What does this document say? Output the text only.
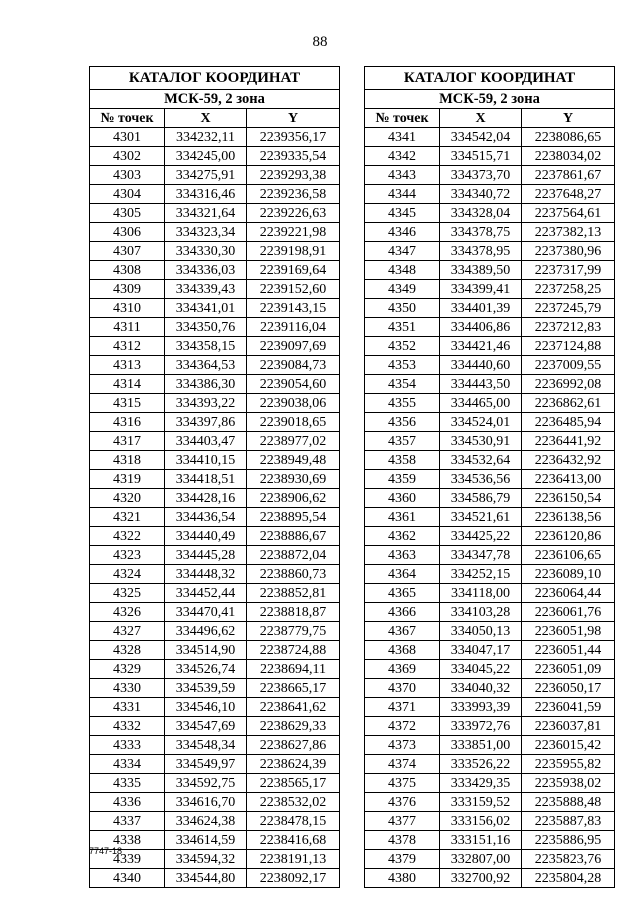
88
КАТАЛОГ КООРДИНАТ		
МСК-59, 2 зона		
№ точек	X	Y
4301	334232,11	2239356,17
4302	334245,00	2239335,54
4303	334275,91	2239293,38
4304	334316,46	2239236,58
4305	334321,64	2239226,63
4306	334323,34	2239221,98
4307	334330,30	2239198,91
4308	334336,03	2239169,64
4309	334339,43	2239152,60
4310	334341,01	2239143,15
4311	334350,76	2239116,04
4312	334358,15	2239097,69
4313	334364,53	2239084,73
4314	334386,30	2239054,60
4315	334393,22	2239038,06
4316	334397,86	2239018,65
4317	334403,47	2238977,02
4318	334410,15	2238949,48
4319	334418,51	2238930,69
4320	334428,16	2238906,62
4321	334436,54	2238895,54
4322	334440,49	2238886,67
4323	334445,28	2238872,04
4324	334448,32	2238860,73
4325	334452,44	2238852,81
4326	334470,41	2238818,87
4327	334496,62	2238779,75
4328	334514,90	2238724,88
4329	334526,74	2238694,11
4330	334539,59	2238665,17
4331	334546,10	2238641,62
4332	334547,69	2238629,33
4333	334548,34	2238627,86
4334	334549,97	2238624,39
4335	334592,75	2238565,17
4336	334616,70	2238532,02
4337	334624,38	2238478,15
4338	334614,59	2238416,68
4339	334594,32	2238191,13
4340	334544,80	2238092,17
КАТАЛОГ КООРДИНАТ		
МСК-59, 2 зона		
№ точек	X	Y
4341	334542,04	2238086,65
4342	334515,71	2238034,02
4343	334373,70	2237861,67
4344	334340,72	2237648,27
4345	334328,04	2237564,61
4346	334378,75	2237382,13
4347	334378,95	2237380,96
4348	334389,50	2237317,99
4349	334399,41	2237258,25
4350	334401,39	2237245,79
4351	334406,86	2237212,83
4352	334421,46	2237124,88
4353	334440,60	2237009,55
4354	334443,50	2236992,08
4355	334465,00	2236862,61
4356	334524,01	2236485,94
4357	334530,91	2236441,92
4358	334532,64	2236432,92
4359	334536,56	2236413,00
4360	334586,79	2236150,54
4361	334521,61	2236138,56
4362	334425,22	2236120,86
4363	334347,78	2236106,65
4364	334252,15	2236089,10
4365	334118,00	2236064,44
4366	334103,28	2236061,76
4367	334050,13	2236051,98
4368	334047,17	2236051,44
4369	334045,22	2236051,09
4370	334040,32	2236050,17
4371	333993,39	2236041,59
4372	333972,76	2236037,81
4373	333851,00	2236015,42
4374	333526,22	2235955,82
4375	333429,35	2235938,02
4376	333159,52	2235888,48
4377	333156,02	2235887,83
4378	333151,16	2235886,95
4379	332807,00	2235823,76
4380	332700,92	2235804,28
7747-18
